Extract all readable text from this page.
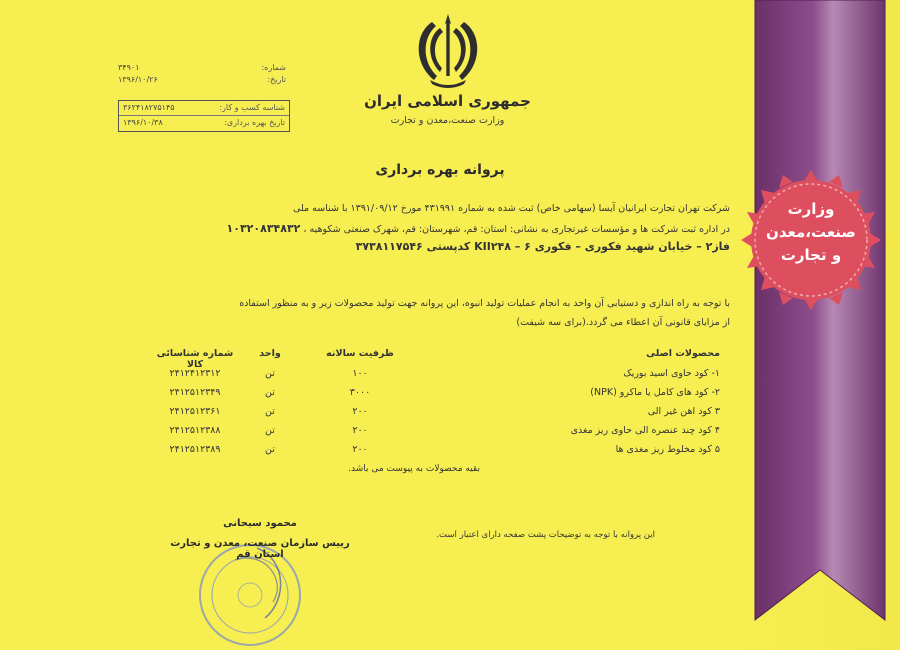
جمهوری اسلامی ایران
وزارت صنعت،معدن و تجارت
شماره:
۳۴۹۰۱
تاریخ:
۱۳۹۶/۱۰/۲۶
شناسه کسب و کار:
۳۶۲۴۱۸۲۷۵۱۴۵
تاریخ بهره برداری:
۱۳۹۶/۱۰/۳۸
پروانه بهره برداری
شرکت تهران تجارت ایرانیان آیسا (سهامی خاص) ثبت شده به شماره ۴۳۱۹۹۱ مورخ ۱۳۹۱/۰۹/۱۲ با شناسه ملی
در اداره ثبت شرکت ها و مؤسسات غیرتجاری به نشانی: استان: قم، شهرستان: قم، شهرک صنعتی شکوهیه ، ۱۰۳۲۰۸۳۴۸۳۲
فاز۲ – خیابان شهید فکوری – فکوری ۶ – KII۲۴۸ کدپستی ۳۷۳۸۱۱۷۵۴۶
با توجه به راه اندازی و دستیابی آن واحد به انجام عملیات تولید انبوه، این پروانه جهت تولید محصولات زیر و به منظور استفاده
از مزایای قانونی آن اعطاء می گردد.(برای سه شیفت)
محصولات اصلی
ظرفیت سالانه
واحد
شماره شناسائی کالا
۱- کود حاوی اسید بوریک
۱۰۰
تن
۲۴۱۲۴۱۲۳۱۲
۲- کود های کامل یا ماکرو (NPK)
۳۰۰۰
تن
۲۴۱۲۵۱۲۳۴۹
۳ کود اهن غیر الی
۲۰۰
تن
۲۴۱۲۵۱۲۳۶۱
۴ کود چند عنصره الی حاوی ریز مغذی
۲۰۰
تن
۲۴۱۲۵۱۲۳۸۸
۵ کود مخلوط ریز مغذی ها
۲۰۰
تن
۲۴۱۲۵۱۲۳۸۹
بقیه محصولات به پیوست می باشد.
محمود سبحانی
رییس سازمان صنعت، معدن و تجارت استان قم
این پروانه با توجه به توضیحات پشت صفحه دارای اعتبار است.
وزارت
صنعت،معدن
و تجارت
